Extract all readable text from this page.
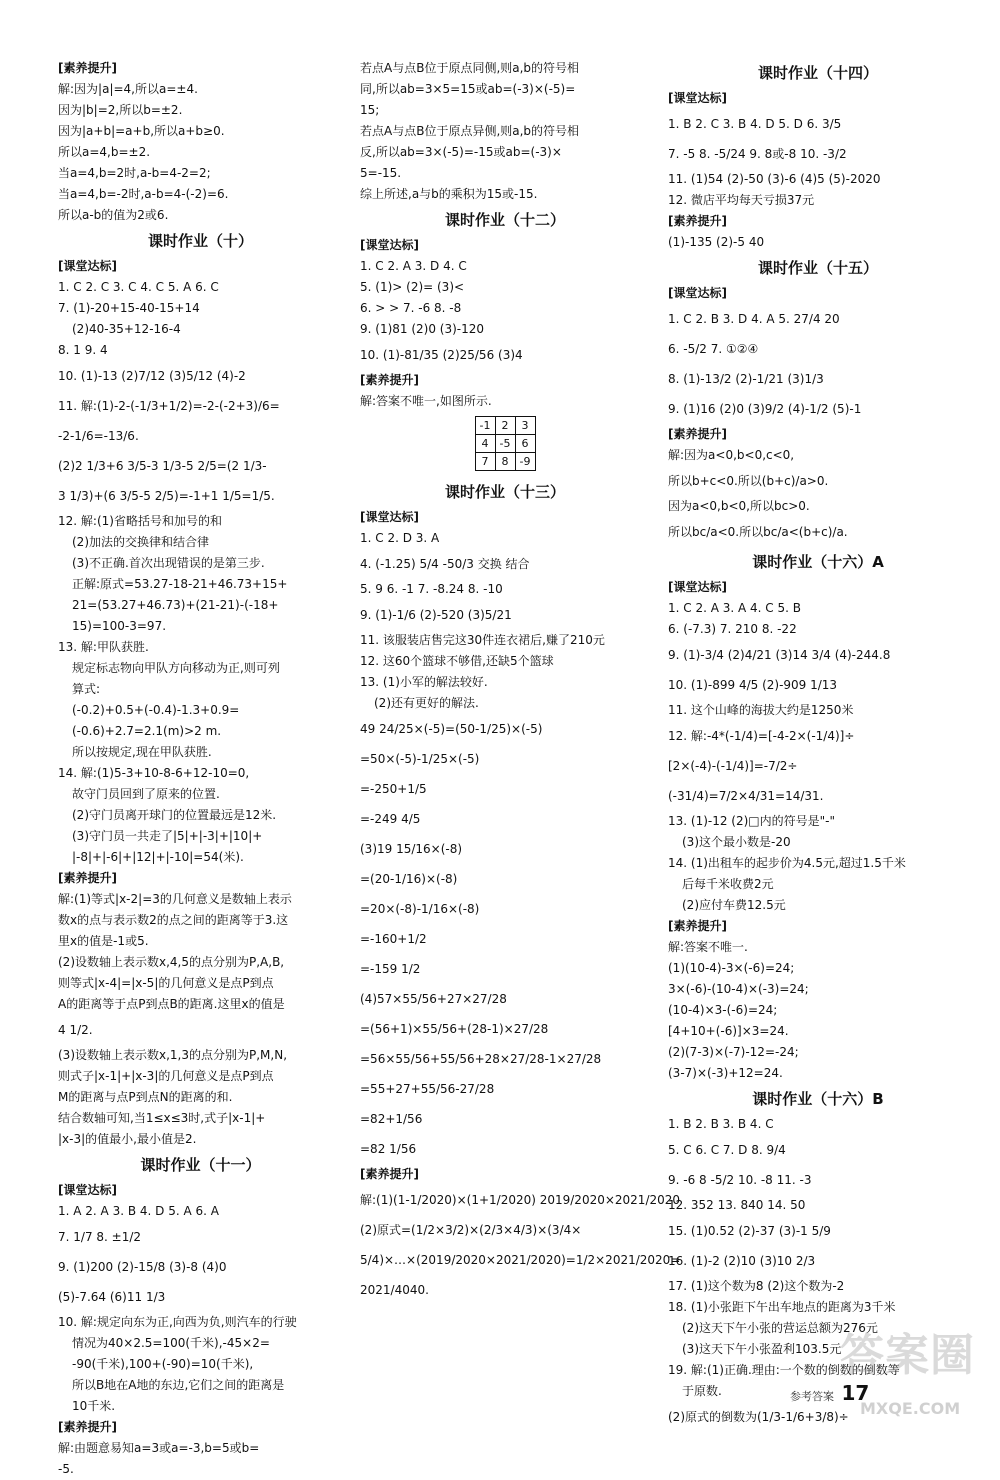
[素养提升]
解:因为|a|=4,所以a=±4.
因为|b|=2,所以b=±2.
因为|a+b|=a+b,所以a+b≥0.
所以a=4,b=±2.
当a=4,b=2时,a-b=4-2=2;
当a=4,b=-2时,a-b=4-(-2)=6.
所以a-b的值为2或6.
课时作业（十）
[课堂达标]
1. C 2. C 3. C 4. C 5. A 6. C
7. (1)-20+15-40-15+14
(2)40-35+12-16-4
8. 1 9. 4
10. (1)-13 (2)7/12 (3)5/12 (4)-2
11. 解:(1)-2-(-1/3+1/2)=-2-(-2+3)/6=
-2-1/6=-13/6.
(2)2 1/3+6 3/5-3 1/3-5 2/5=(2 1/3-
3 1/3)+(6 3/5-5 2/5)=-1+1 1/5=1/5.
12. 解:(1)省略括号和加号的和
(2)加法的交换律和结合律
(3)不正确.首次出现错误的是第三步.
正解:原式=53.27-18-21+46.73+15+
21=(53.27+46.73)+(21-21)-(-18+
15)=100-3=97.
13. 解:甲队获胜.
规定标志物向甲队方向移动为正,则可列
算式:
(-0.2)+0.5+(-0.4)-1.3+0.9=
(-0.6)+2.7=2.1(m)>2 m.
所以按规定,现在甲队获胜.
14. 解:(1)5-3+10-8-6+12-10=0,
故守门员回到了原来的位置.
(2)守门员离开球门的位置最远是12米.
(3)守门员一共走了|5|+|-3|+|10|+
|-8|+|-6|+|12|+|-10|=54(米).
[素养提升]
解:(1)等式|x-2|=3的几何意义是数轴上表示
数x的点与表示数2的点之间的距离等于3.这
里x的值是-1或5.
(2)设数轴上表示数x,4,5的点分别为P,A,B,
则等式|x-4|=|x-5|的几何意义是点P到点
A的距离等于点P到点B的距离.这里x的值是
4 1/2.
(3)设数轴上表示数x,1,3的点分别为P,M,N,
则式子|x-1|+|x-3|的几何意义是点P到点
M的距离与点P到点N的距离的和.
结合数轴可知,当1≤x≤3时,式子|x-1|+
|x-3|的值最小,最小值是2.
课时作业（十一）
[课堂达标]
1. A 2. A 3. B 4. D 5. A 6. A
7. 1/7 8. ±1/2
9. (1)200 (2)-15/8 (3)-8 (4)0
(5)-7.64 (6)11 1/3
10. 解:规定向东为正,向西为负,则汽车的行驶
情况为40×2.5=100(千米),-45×2=
-90(千米),100+(-90)=10(千米),
所以B地在A地的东边,它们之间的距离是
10千米.
[素养提升]
解:由题意易知a=3或a=-3,b=5或b=
-5.
若点A与点B位于原点同侧,则a,b的符号相
同,所以ab=3×5=15或ab=(-3)×(-5)=
15;
若点A与点B位于原点异侧,则a,b的符号相
反,所以ab=3×(-5)=-15或ab=(-3)×
5=-15.
综上所述,a与b的乘积为15或-15.
课时作业（十二）
[课堂达标]
1. C 2. A 3. D 4. C
5. (1)> (2)= (3)<
6. > > 7. -6 8. -8
9. (1)81 (2)0 (3)-120
10. (1)-81/35 (2)25/56 (3)4
[素养提升]
解:答案不唯一,如图所示.
-1	2	3
4	-5	6
7	8	-9
课时作业（十三）
[课堂达标]
1. C 2. D 3. A
4. (-1.25) 5/4 -50/3 交换 结合
5. 9 6. -1 7. -8.24 8. -10
9. (1)-1/6 (2)-520 (3)5/21
11. 该服装店售完这30件连衣裙后,赚了210元
12. 这60个篮球不够借,还缺5个篮球
13. (1)小军的解法较好.
(2)还有更好的解法.
49 24/25×(-5)=(50-1/25)×(-5)
=50×(-5)-1/25×(-5)
=-250+1/5
=-249 4/5
(3)19 15/16×(-8)
=(20-1/16)×(-8)
=20×(-8)-1/16×(-8)
=-160+1/2
=-159 1/2
(4)57×55/56+27×27/28
=(56+1)×55/56+(28-1)×27/28
=56×55/56+55/56+28×27/28-1×27/28
=55+27+55/56-27/28
=82+1/56
=82 1/56
[素养提升]
解:(1)(1-1/2020)×(1+1/2020) 2019/2020×2021/2020
(2)原式=(1/2×3/2)×(2/3×4/3)×(3/4×
5/4)×…×(2019/2020×2021/2020)=1/2×2021/2020=
2021/4040.
课时作业（十四）
[课堂达标]
1. B 2. C 3. B 4. D 5. D 6. 3/5
7. -5 8. -5/24 9. 8或-8 10. -3/2
11. (1)54 (2)-50 (3)-6 (4)5 (5)-2020
12. 微店平均每天亏损37元
[素养提升]
(1)-135 (2)-5 40
课时作业（十五）
[课堂达标]
1. C 2. B 3. D 4. A 5. 27/4 20
6. -5/2 7. ①②④
8. (1)-13/2 (2)-1/21 (3)1/3
9. (1)16 (2)0 (3)9/2 (4)-1/2 (5)-1
[素养提升]
解:因为a<0,b<0,c<0,
所以b+c<0.所以(b+c)/a>0.
因为a<0,b<0,所以bc>0.
所以bc/a<0.所以bc/a<(b+c)/a.
课时作业（十六）A
[课堂达标]
1. C 2. A 3. A 4. C 5. B
6. (-7.3) 7. 210 8. -22
9. (1)-3/4 (2)4/21 (3)14 3/4 (4)-244.8
10. (1)-899 4/5 (2)-909 1/13
11. 这个山峰的海拔大约是1250米
12. 解:-4*(-1/4)=[-4-2×(-1/4)]÷
[2×(-4)-(-1/4)]=-7/2÷
(-31/4)=7/2×4/31=14/31.
13. (1)-12 (2)□内的符号是"-"
(3)这个最小数是-20
14. (1)出租车的起步价为4.5元,超过1.5千米
后每千米收费2元
(2)应付车费12.5元
[素养提升]
解:答案不唯一.
(1)(10-4)-3×(-6)=24;
3×(-6)-(10-4)×(-3)=24;
(10-4)×3-(-6)=24;
[4+10+(-6)]×3=24.
(2)(7-3)×(-7)-12=-24;
(3-7)×(-3)+12=24.
课时作业（十六）B
1. B 2. B 3. B 4. C
5. C 6. C 7. D 8. 9/4
9. -6 8 -5/2 10. -8 11. -3
12. 352 13. 840 14. 50
15. (1)0.52 (2)-37 (3)-1 5/9
16. (1)-2 (2)10 (3)10 2/3
17. (1)这个数为8 (2)这个数为-2
18. (1)小张距下午出车地点的距离为3千米
(2)这天下午小张的营运总额为276元
(3)这天下午小张盈利103.5元
19. 解:(1)正确.理由:一个数的倒数的倒数等
于原数.
(2)原式的倒数为(1/3-1/6+3/8)÷
参考答案 17
答案圈
MXQE.COM
